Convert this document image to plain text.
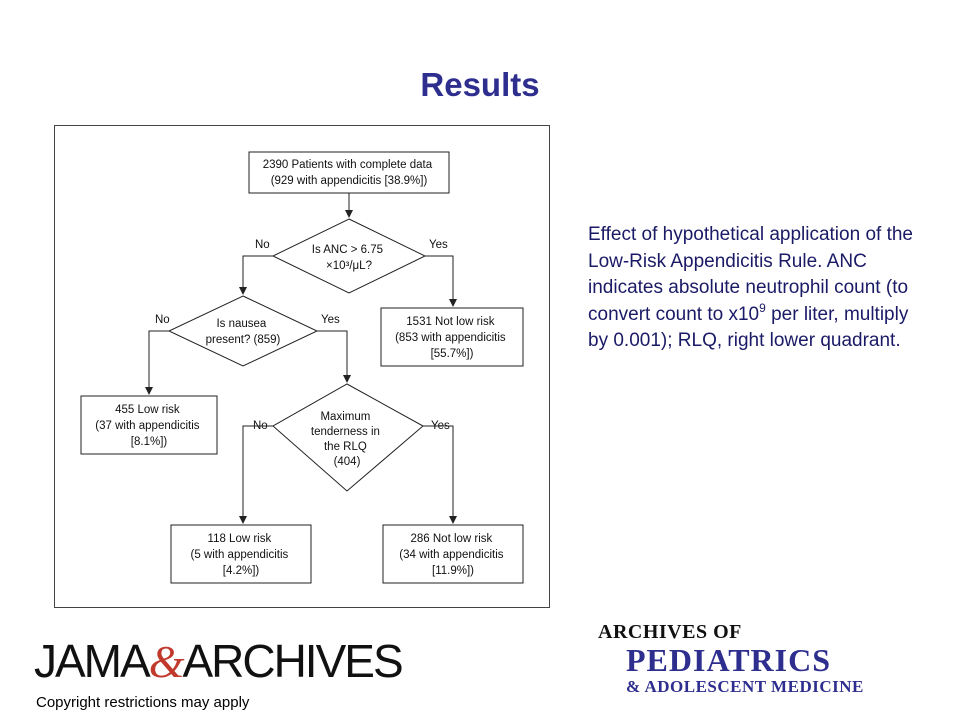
Results
2390 Patients with complete data (929 with appendicitis [38.9%])
Is ANC > 6.75 ×10³/μL?
No	Yes
Is nausea present? (859)
No	Yes	1531 Not low risk (853 with appendicitis [55.7%])
455 Low risk (37 with appendicitis [8.1%])
Maximum tenderness in the RLQ (404)
No	Yes
118 Low risk (5 with appendicitis [4.2%])
286 Not low risk (34 with appendicitis [11.9%])
Effect of hypothetical application of the Low-Risk Appendicitis Rule. ANC indicates absolute neutrophil count (to convert count to $x10^9$ per liter, multiply by 0.001); RLQ, right lower quadrant.
JAMA&ARCHIVES
Copyright restrictions may apply
ARCHIVES OF
PEDIATRICS
& ADOLESCENT MEDICINE
